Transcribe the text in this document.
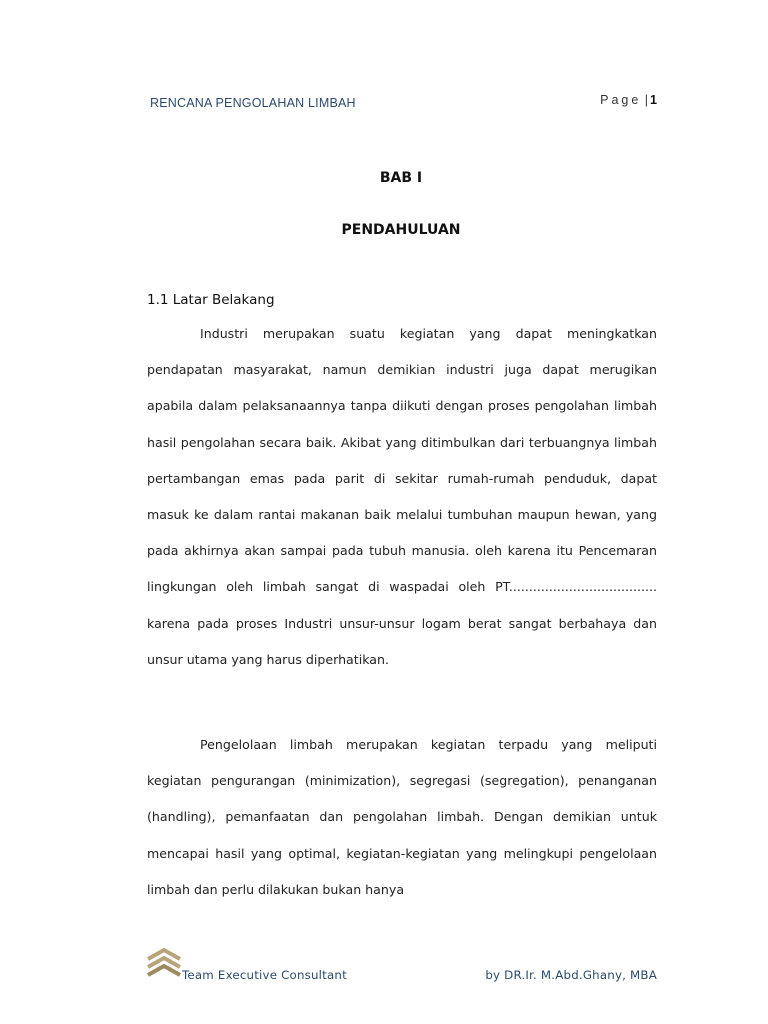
RENCANA PENGOLAHAN LIMBAH	Page | 1
BAB I
PENDAHULUAN
1.1 Latar Belakang

Industri merupakan suatu kegiatan yang dapat meningkatkan pendapatan masyarakat, namun demikian industri juga dapat merugikan apabila dalam pelaksanaannya tanpa diikuti dengan proses pengolahan limbah hasil pengolahan secara baik. Akibat yang ditimbulkan dari terbuangnya limbah pertambangan emas pada parit di sekitar rumah-rumah penduduk, dapat masuk ke dalam rantai makanan baik melalui tumbuhan maupun hewan, yang pada akhirnya akan sampai pada tubuh manusia. oleh karena itu Pencemaran lingkungan oleh limbah sangat di waspadai oleh PT..................................... karena pada proses Industri unsur-unsur logam berat sangat berbahaya dan unsur utama yang harus diperhatikan.

Pengelolaan limbah merupakan kegiatan terpadu yang meliputi kegiatan pengurangan (minimization), segregasi (segregation), penanganan (handling), pemanfaatan dan pengolahan limbah. Dengan demikian untuk mencapai hasil yang optimal, kegiatan-kegiatan yang melingkupi pengelolaan limbah dan perlu dilakukan bukan hanya

Team Executive Consultant	by DR.Ir. M.Abd.Ghany, MBA
